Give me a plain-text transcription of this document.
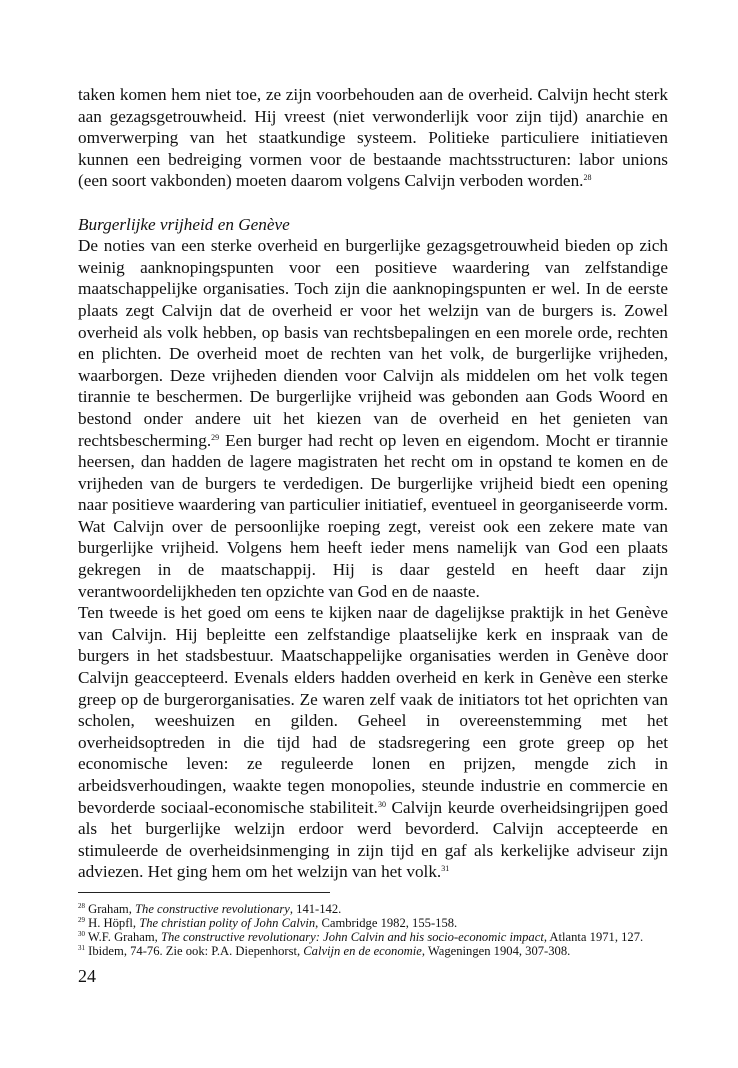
taken komen hem niet toe, ze zijn voorbehouden aan de overheid. Calvijn hecht sterk aan gezagsgetrouwheid. Hij vreest (niet verwonderlijk voor zijn tijd) anarchie en omverwerping van het staatkundige systeem. Politieke particuliere initiatieven kunnen een bedreiging vormen voor de bestaande machtsstructuren: labor unions (een soort vakbonden) moeten daarom volgens Calvijn verboden worden.$^{28}$

Burgerlijke vrijheid en Genève

De noties van een sterke overheid en burgerlijke gezagsgetrouwheid bieden op zich weinig aanknopingspunten voor een positieve waardering van zelfstandige maatschappelijke organisaties. Toch zijn die aanknopingspunten er wel. In de eerste plaats zegt Calvijn dat de overheid er voor het welzijn van de burgers is. Zowel overheid als volk hebben, op basis van rechtsbepalingen en een morele orde, rechten en plichten. De overheid moet de rechten van het volk, de burgerlijke vrijheden, waarborgen. Deze vrijheden dienden voor Calvijn als middelen om het volk tegen tirannie te beschermen. De burgerlijke vrijheid was gebonden aan Gods Woord en bestond onder andere uit het kiezen van de overheid en het genieten van rechtsbescherming.$^{29}$ Een burger had recht op leven en eigendom. Mocht er tirannie heersen, dan hadden de lagere magistraten het recht om in opstand te komen en de vrijheden van de burgers te verdedigen. De burgerlijke vrijheid biedt een opening naar positieve waardering van particulier initiatief, eventueel in georganiseerde vorm. Wat Calvijn over de persoonlijke roeping zegt, vereist ook een zekere mate van burgerlijke vrijheid. Volgens hem heeft ieder mens namelijk van God een plaats gekregen in de maatschappij. Hij is daar gesteld en heeft daar zijn verantwoordelijkheden ten opzichte van God en de naaste.

Ten tweede is het goed om eens te kijken naar de dagelijkse praktijk in het Genève van Calvijn. Hij bepleitte een zelfstandige plaatselijke kerk en inspraak van de burgers in het stadsbestuur. Maatschappelijke organisaties werden in Genève door Calvijn geaccepteerd. Evenals elders hadden overheid en kerk in Genève een sterke greep op de burgerorganisaties. Ze waren zelf vaak de initiators tot het oprichten van scholen, weeshuizen en gilden. Geheel in overeenstemming met het overheidsoptreden in die tijd had de stadsregering een grote greep op het economische leven: ze reguleerde lonen en prijzen, mengde zich in arbeidsverhoudingen, waakte tegen monopolies, steunde industrie en commercie en bevorderde sociaal-economische stabiliteit.$^{30}$ Calvijn keurde overheidsingrijpen goed als het burgerlijke welzijn erdoor werd bevorderd. Calvijn accepteerde en stimuleerde de overheidsinmenging in zijn tijd en gaf als kerkelijke adviseur zijn adviezen. Het ging hem om het welzijn van het volk.$^{31}$

$^{28}$ Graham, The constructive revolutionary, 141-142.
$^{29}$ H. Höpfl, The christian polity of John Calvin, Cambridge 1982, 155-158.
$^{30}$ W.F. Graham, The constructive revolutionary: John Calvin and his socio-economic impact, Atlanta 1971, 127.
$^{31}$ Ibidem, 74-76. Zie ook: P.A. Diepenhorst, Calvijn en de economie, Wageningen 1904, 307-308.
24
